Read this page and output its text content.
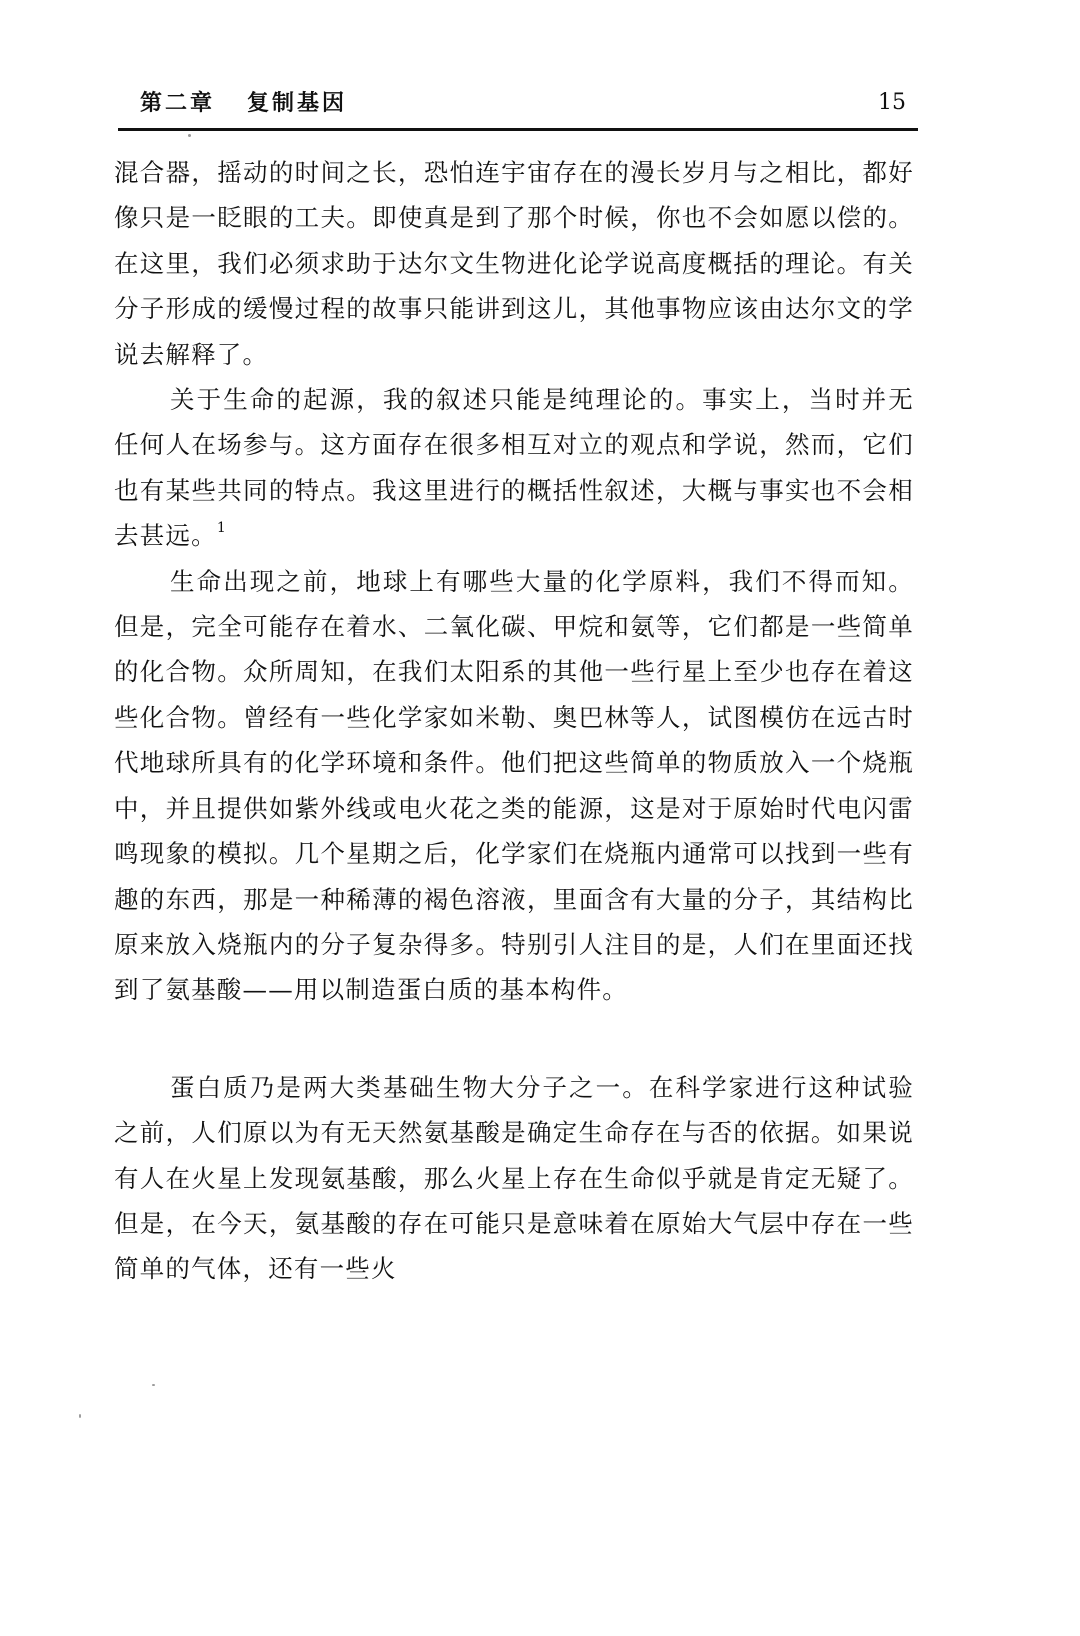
第二章   复制基因	15

混合器，摇动的时间之长，恐怕连宇宙存在的漫长岁月与之相比，都好像只是一眨眼的工夫。即使真是到了那个时候，你也不会如愿以偿的。在这里，我们必须求助于达尔文生物进化论学说高度概括的理论。有关分子形成的缓慢过程的故事只能讲到这儿，其他事物应该由达尔文的学说去解释了。

关于生命的起源，我的叙述只能是纯理论的。事实上，当时并无任何人在场参与。这方面存在很多相互对立的观点和学说，然而，它们也有某些共同的特点。我这里进行的概括性叙述，大概与事实也不会相去甚远。$^1$

生命出现之前，地球上有哪些大量的化学原料，我们不得而知。但是，完全可能存在着水、二氧化碳、甲烷和氨等，它们都是一些简单的化合物。众所周知，在我们太阳系的其他一些行星上至少也存在着这些化合物。曾经有一些化学家如米勒、奥巴林等人，试图模仿在远古时代地球所具有的化学环境和条件。他们把这些简单的物质放入一个烧瓶中，并且提供如紫外线或电火花之类的能源，这是对于原始时代电闪雷鸣现象的模拟。几个星期之后，化学家们在烧瓶内通常可以找到一些有趣的东西，那是一种稀薄的褐色溶液，里面含有大量的分子，其结构比原来放入烧瓶内的分子复杂得多。特别引人注目的是，人们在里面还找到了氨基酸——用以制造蛋白质的基本构件。

蛋白质乃是两大类基础生物大分子之一。在科学家进行这种试验之前，人们原以为有无天然氨基酸是确定生命存在与否的依据。如果说有人在火星上发现氨基酸，那么火星上存在生命似乎就是肯定无疑了。但是，在今天，氨基酸的存在可能只是意味着在原始大气层中存在一些简单的气体，还有一些火
